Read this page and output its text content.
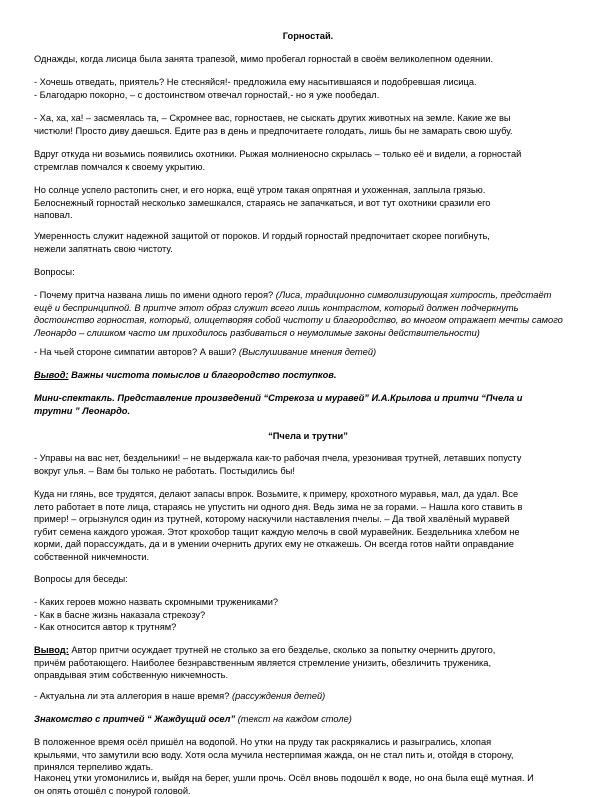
Горностай.

Однажды, когда лисица была занята трапезой, мимо пробегал горностай в своём великолепном одеянии.

- Хочешь отведать, приятель? Не стесняйся!- предложила ему насытившаяся и подобревшая лисица.

- Благодарю покорно, – с достоинством отвечал горностай,- но я уже пообедал.

- Ха, ха, ха! – засмеялась та, – Скромнее вас, горностаев, не сыскать других животных на земле. Какие же вы
чистюли! Просто диву даешься. Едите раз в день и предпочитаете голодать, лишь бы не замарать свою шубу.

Вдруг откуда ни возьмись появились охотники. Рыжая молниеносно скрылась – только её и видели, а горностай
стремглав помчался к своему укрытию.

Но солнце успело растопить снег, и его норка, ещё утром такая опрятная и ухоженная, заплыла грязью.
Белоснежный горностай несколько замешкался, стараясь не запачкаться, и вот тут охотники сразили его
наповал.

Умеренность служит надежной защитой от пороков. И гордый горностай предпочитает скорее погибнуть,
нежели запятнать свою чистоту.

Вопросы:

- Почему притча названа лишь по имени одного героя? (Лиса, традиционно символизирующая хитрость, предстаёт
ещё и беспринципной. В притче этот образ служит всего лишь контрастом, который должен подчеркнуть
достоинство горностая, который, олицетворяя собой чистоту и благородство, во многом отражает мечты самого
Леонардо – слишком часто им приходилось разбиваться о неумолимые законы действительности)

- На чьей стороне симпатии авторов? А ваши? (Выслушивание мнения детей)

Вывод: Важны чистота помыслов и благородство поступков.

Мини-спектакль. Представление произведений “Стрекоза и муравей” И.А.Крылова и притчи “Пчела и
трутни ” Леонардо.

“Пчела и трутни”

- Управы на вас нет, бездельники! – не выдержала как-то рабочая пчела, урезонивая трутней, летавших попусту
вокруг улья. – Вам бы только не работать. Постыдились бы!

Куда ни глянь, все трудятся, делают запасы впрок. Возьмите, к примеру, крохотного муравья, мал, да удал. Все
лето работает в поте лица, стараясь не упустить ни одного дня. Ведь зима не за горами. – Нашла кого ставить в
пример! – огрызнулся один из трутней, которому наскучили наставления пчелы. – Да твой хвалёный муравей
губит семена каждого урожая. Этот крохобор тащит каждую мелочь в свой муравейник. Бездельника хлебом не
корми, дай порассуждать, да и в умении очернить других ему не откажешь. Он всегда готов найти оправдание
собственной никчемности.

Вопросы для беседы:

- Каких героев можно назвать скромными тружениками?
- Как в басне жизнь наказала стрекозу?
- Как относится автор к трутням?

Вывод: Автор притчи осуждает трутней не столько за его безделье, сколько за попытку очернить другого,
причём работающего. Наиболее безнравственным является стремление унизить, обезличить труженика,
оправдывая этим собственную никчемность.

- Актуальна ли эта аллегория в наше время? (рассуждения детей)

Знакомство с притчей “ Жаждущий осел” (текст на каждом столе)

В положенное время осёл пришёл на водопой. Но утки на пруду так раскрякались и разыгрались, хлопая
крыльями, что замутили всю воду. Хотя осла мучила нестерпимая жажда, он не стал пить и, отойдя в сторону,
принялся терпеливо ждать.

Наконец утки угомонились и, выйдя на берег, ушли прочь. Осёл вновь подошёл к воде, но она была ещё мутная. И
он опять отошёл с понурой головой.
